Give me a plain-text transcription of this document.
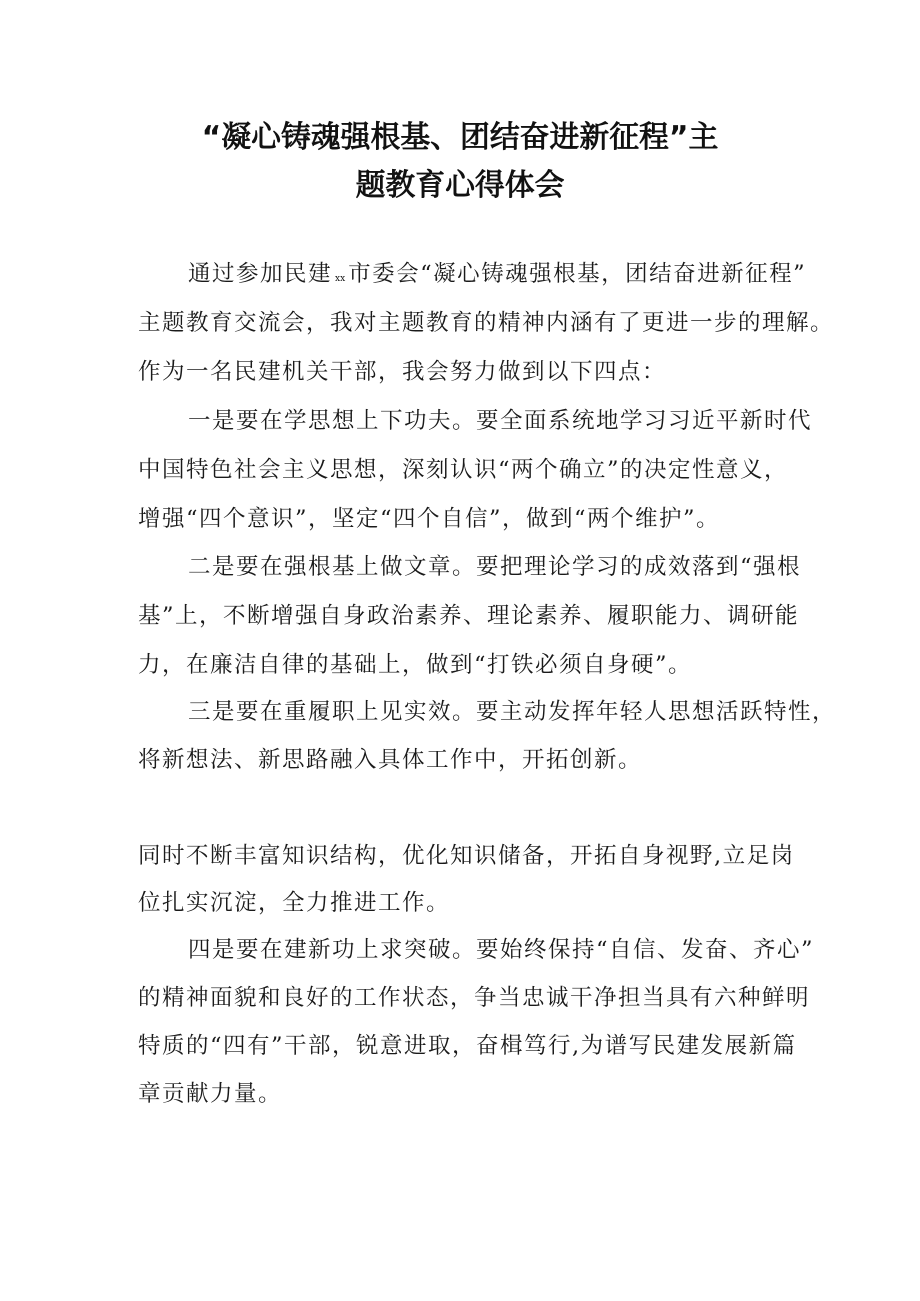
“凝心铸魂强根基、团结奋进新征程”主
题教育心得体会
通过参加民建 xx 市委会“凝心铸魂强根基，团结奋进新征程”
主题教育交流会，我对主题教育的精神内涵有了更进一步的理解。
作为一名民建机关干部，我会努力做到以下四点：
一是要在学思想上下功夫。要全面系统地学习习近平新时代
中国特色社会主义思想，深刻认识“两个确立”的决定性意义，
增强“四个意识”，坚定“四个自信”，做到“两个维护”。
二是要在强根基上做文章。要把理论学习的成效落到“强根
基”上，不断增强自身政治素养、理论素养、履职能力、调研能
力，在廉洁自律的基础上，做到“打铁必须自身硬”。
三是要在重履职上见实效。要主动发挥年轻人思想活跃特性，
将新想法、新思路融入具体工作中，开拓创新。
同时不断丰富知识结构，优化知识储备，开拓自身视野,立足岗
位扎实沉淀，全力推进工作。
四是要在建新功上求突破。要始终保持“自信、发奋、齐心”
的精神面貌和良好的工作状态，争当忠诚干净担当具有六种鲜明
特质的“四有”干部，锐意进取，奋楫笃行,为谱写民建发展新篇
章贡献力量。
